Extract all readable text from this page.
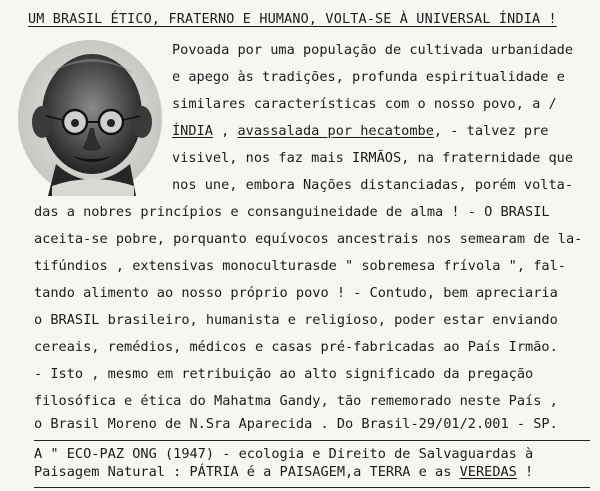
UM BRASIL ÉTICO, FRATERNO E HUMANO, VOLTA-SE À UNIVERSAL ÍNDIA !
Povoada por uma população de cultivada urbanidade
e apego às tradições, profunda espiritualidade e
similares características com o nosso povo, a /
ÍNDIA , avassalada por hecatombe, - talvez pre
visivel, nos faz mais IRMÃOS, na fraternidade que
nos une, embora Nações distanciadas, porém volta-
das a nobres princípios e consanguineidade de alma ! - O BRASIL
aceita-se pobre, porquanto equívocos ancestrais nos semearam de la-
tifúndios , extensivas monoculturasde " sobremesa frívola ", fal-
tando alimento ao nosso próprio povo ! - Contudo, bem apreciaria
o BRASIL brasileiro, humanista e religioso, poder estar enviando
cereais, remédios, médicos e casas pré-fabricadas ao País Irmão.
- Isto , mesmo em retribuição ao alto significado da pregação
filosófica e ética do Mahatma Gandy, tão rememorado neste País ,
o Brasil Moreno de N.Sra Aparecida . Do Brasil-29/01/2.001 - SP.
A " ECO-PAZ ONG (1947) - ecologia e Direito de Salvaguardas à
Paisagem Natural : PÁTRIA é a PAISAGEM,a TERRA e as VEREDAS !
